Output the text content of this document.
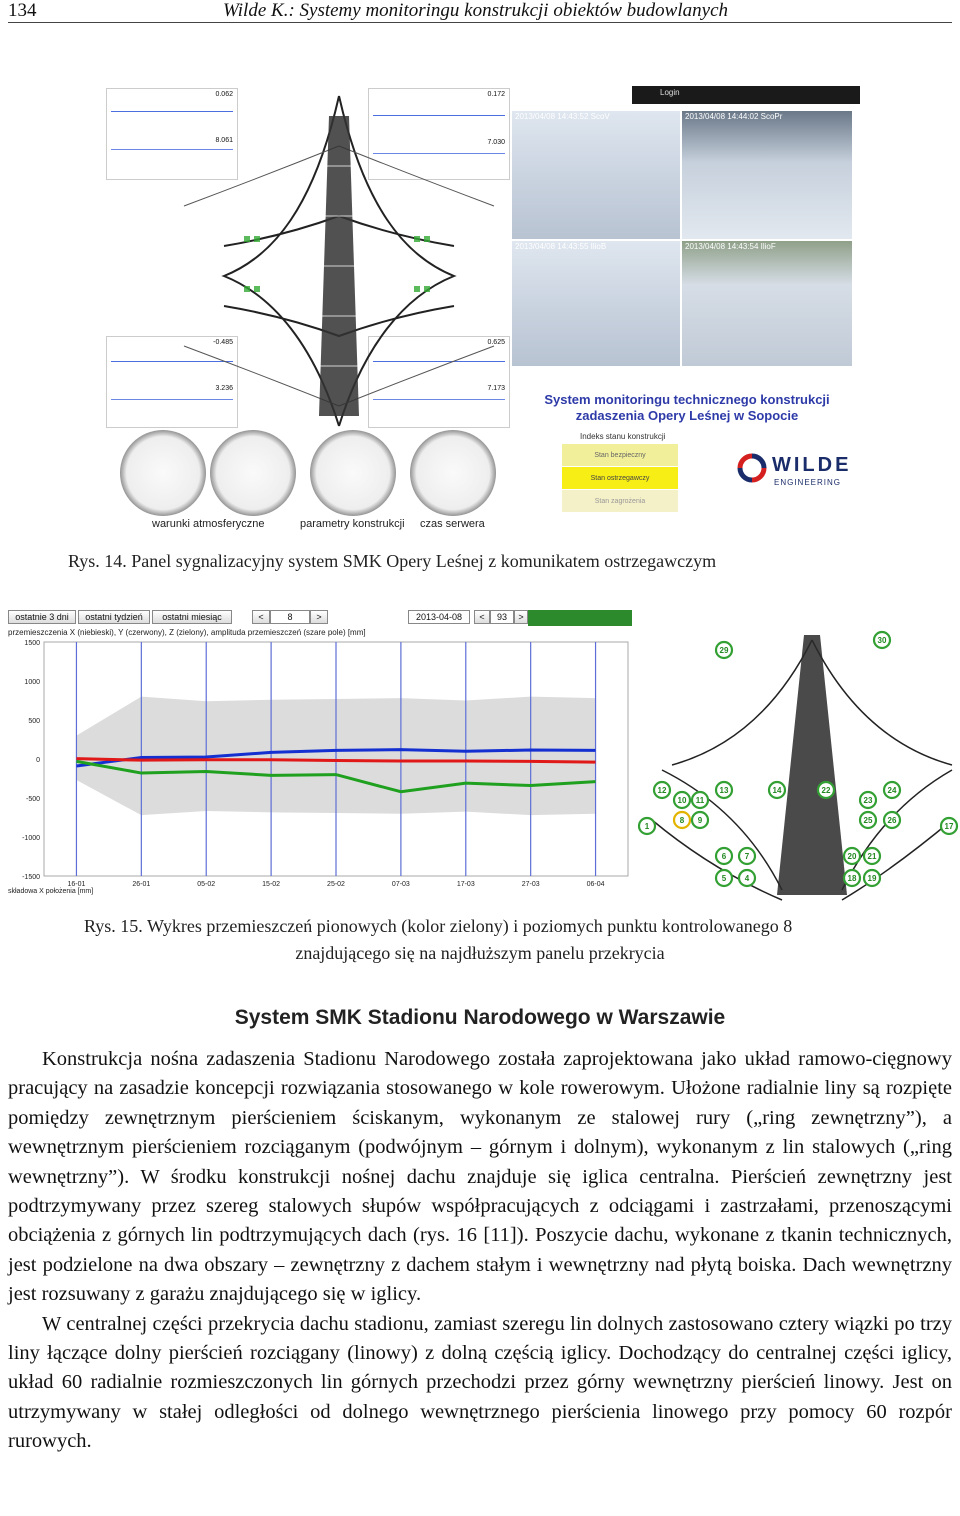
134	Wilde K.: Systemy monitoringu konstrukcji obiektów budowlanych
0.062
8.061
0.172
7.030
-0.485
3.236
0.625
7.173
Login
2013/04/08 14:43:52 ScoV	2013/04/08 14:44:02 ScoPr
2013/04/08 14:43:55 IlioB	2013/04/08 14:43:54 IlioF
warunki atmosferyczne	parametry konstrukcji czas serwera
System monitoringu technicznego konstrukcji
zadaszenia Opery Leśnej w Sopocie
Indeks stanu konstrukcji
Stan bezpieczny
Stan ostrzegawczy
Stan zagrożenia
WILDE
ENGINEERING
Rys. 14. Panel sygnalizacyjny system SMK Opery Leśnej z komunikatem ostrzegawczym
ostatnie 3 dni	ostatni tydzień	ostatni miesiąc	<	8	>	2013-04-08	<	93	>
przemieszczenia X (niebieski), Y (czerwony), Z (zielony), amplituda przemieszczeń (szare pole) [mm]
16-01	26-01	05-02	15-02	25-02	07-03	17-03	27-03	06-04
1500
1000
500
0
-500
-1000
-1500
składowa X położenia [mm]
29
30
12
10 11
13	14	22
23
24
1
8 9	25 26
17
6 7	20 21
5 4	18 19
Rys. 15. Wykres przemieszczeń pionowych (kolor zielony) i poziomych punktu kontrolowanego 8
znajdującego się na najdłuższym panelu przekrycia
System SMK Stadionu Narodowego w Warszawie

Konstrukcja nośna zadaszenia Stadionu Narodowego została zaprojektowana jako układ ramowo-cięgnowy pracujący na zasadzie koncepcji rozwiązania stosowanego w kole rowerowym. Ułożone radialnie liny są rozpięte pomiędzy zewnętrznym pierścieniem ściskanym, wykonanym ze stalowej rury („ring zewnętrzny”), a wewnętrznym pierścieniem rozciąganym (podwójnym – górnym i dolnym), wykonanym z lin stalowych („ring wewnętrzny”). W środku konstrukcji nośnej dachu znajduje się iglica centralna. Pierścień zewnętrzny jest podtrzymywany przez szereg stalowych słupów współpracujących z odciągami i zastrzałami, przenoszącymi obciążenia z górnych lin podtrzymujących dach (rys. 16 [11]). Poszycie dachu, wykonane z tkanin technicznych, jest podzielone na dwa obszary – zewnętrzny z dachem stałym i wewnętrzny nad płytą boiska. Dach wewnętrzny jest rozsuwany z garażu znajdującego się w iglicy.

W centralnej części przekrycia dachu stadionu, zamiast szeregu lin dolnych zastosowano cztery wiązki po trzy liny łączące dolny pierścień rozciągany (linowy) z dolną częścią iglicy. Dochodzący do centralnej części iglicy, układ 60 radialnie rozmieszczonych lin górnych przechodzi przez górny wewnętrzny pierścień linowy. Jest on utrzymywany w stałej odległości od dolnego wewnętrznego pierścienia linowego przy pomocy 60 rozpór rurowych.
